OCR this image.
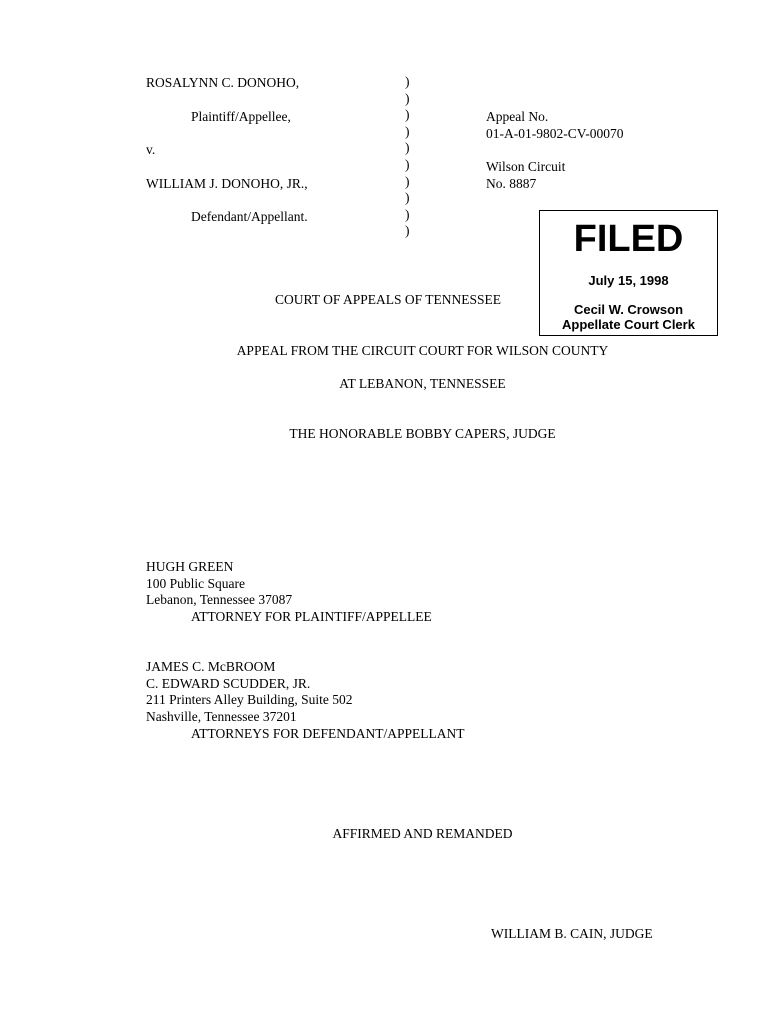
ROSALYNN C. DONOHO,
Plaintiff/Appellee,
v.
WILLIAM J. DONOHO, JR.,
Defendant/Appellant.
)
)
)
)
)
)
)
)
)
)
Appeal No.
01-A-01-9802-CV-00070
Wilson Circuit
No. 8887
COURT OF APPEALS OF TENNESSEE
FILED
July 15, 1998
Cecil W. Crowson
Appellate Court Clerk
APPEAL FROM THE CIRCUIT COURT FOR WILSON COUNTY
AT LEBANON, TENNESSEE
THE HONORABLE BOBBY CAPERS, JUDGE
HUGH GREEN
100 Public Square
Lebanon, Tennessee 37087
ATTORNEY FOR PLAINTIFF/APPELLEE
JAMES C. McBROOM
C. EDWARD SCUDDER, JR.
211 Printers Alley Building, Suite 502
Nashville, Tennessee 37201
ATTORNEYS FOR DEFENDANT/APPELLANT
AFFIRMED AND REMANDED
WILLIAM B. CAIN, JUDGE
